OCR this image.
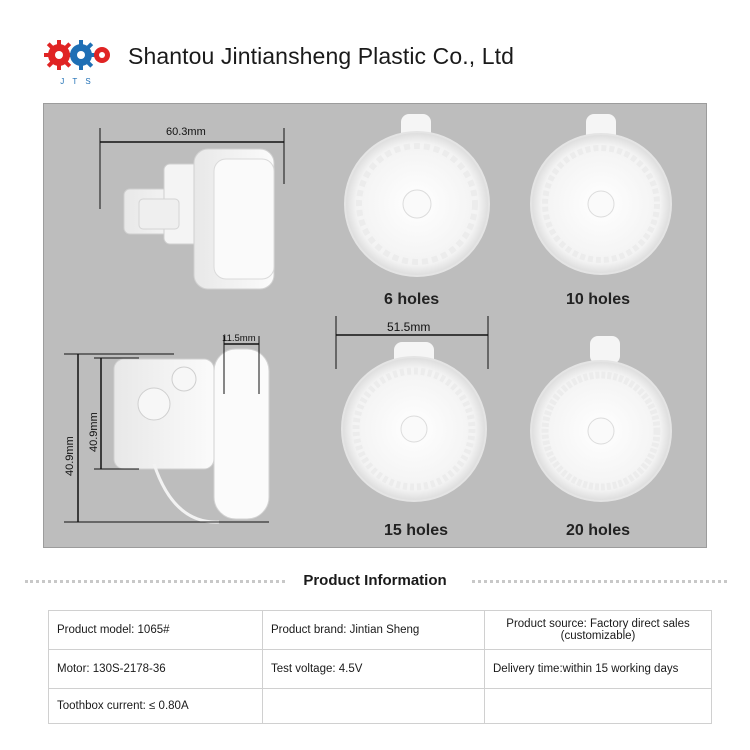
J T S
Shantou Jintiansheng Plastic Co., Ltd
60.3mm
11.5mm
40.9mm
40.9mm
51.5mm
6 holes	10 holes
15 holes	20 holes
Product Information
Product model: 1065#	Product brand: Jintian Sheng	Product source: Factory direct sales (customizable)
Motor: 130S-2178-36	Test voltage: 4.5V	Delivery time:within 15 working days
Toothbox current: ≤ 0.80A		
